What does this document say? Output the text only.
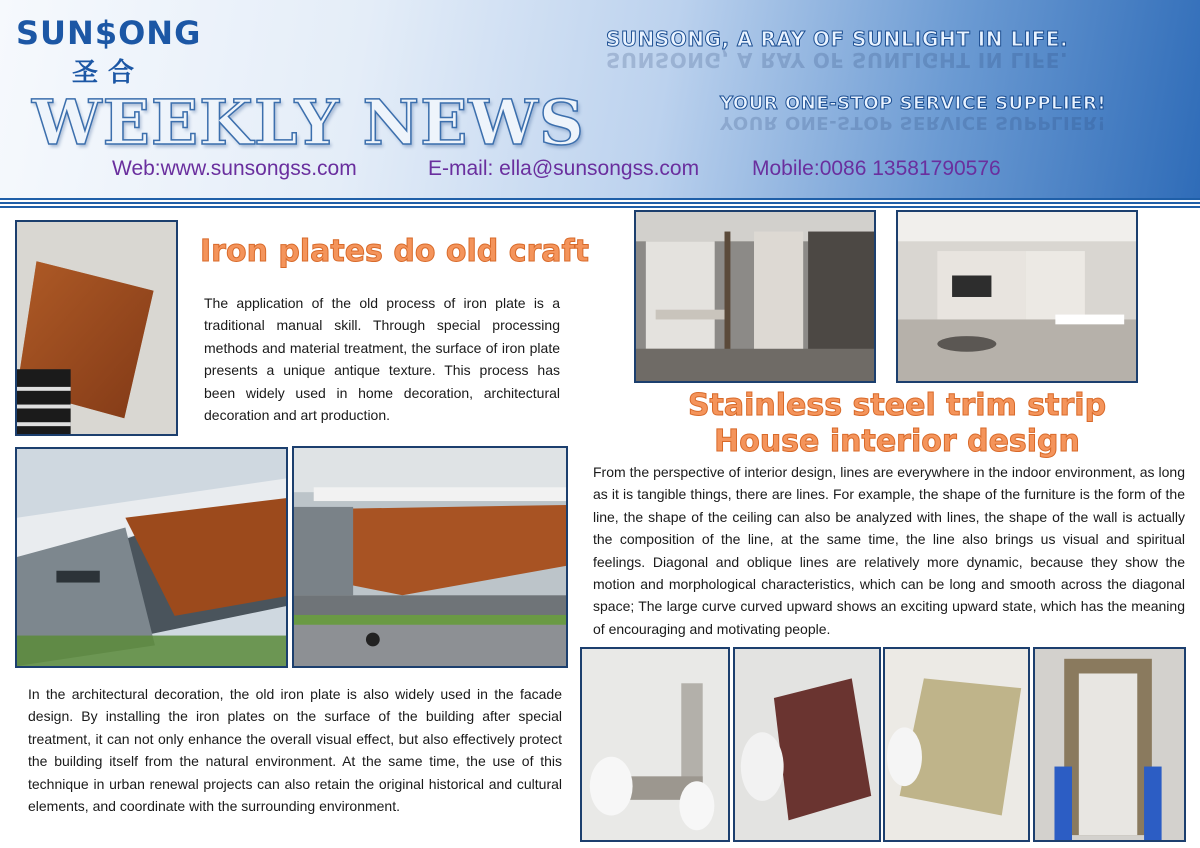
SUN$ONG
圣合
WEEKLY NEWS
SUNSONG, A RAY OF SUNLIGHT IN LIFE.
SUNSONG, A RAY OF SUNLIGHT IN LIFE.
YOUR ONE-STOP SERVICE SUPPLIER!
YOUR ONE-STOP SERVICE SUPPLIER!
Web:www.sunsongss.com	E-mail: ella@sunsongss.com	Mobile:0086 13581790576
Iron plates do old craft
The application of the old process of iron plate is a traditional manual skill. Through special processing methods and material treatment, the surface of iron plate presents a unique antique texture. This process has been widely used in home decoration, architectural decoration and art production.
In the architectural decoration, the old iron plate is also widely used in the facade design. By installing the iron plates on the surface of the building after special treatment, it can not only enhance the overall visual effect, but also effectively protect the building itself from the natural environment. At the same time, the use of this technique in urban renewal projects can also retain the original historical and cultural elements, and coordinate with the surrounding environment.
Stainless steel trim strip
House interior design
From the perspective of interior design, lines are everywhere in the indoor environment, as long as it is tangible things, there are lines. For example, the shape of the furniture is the form of the line, the shape of the ceiling can also be analyzed with lines, the shape of the wall is actually the composition of the line, at the same time, the line also brings us visual and spiritual feelings. Diagonal and oblique lines are relatively more dynamic, because they show the motion and morphological characteristics, which can be long and smooth across the diagonal space; The large curve curved upward shows an exciting upward state, which has the meaning of encouraging and motivating people.
